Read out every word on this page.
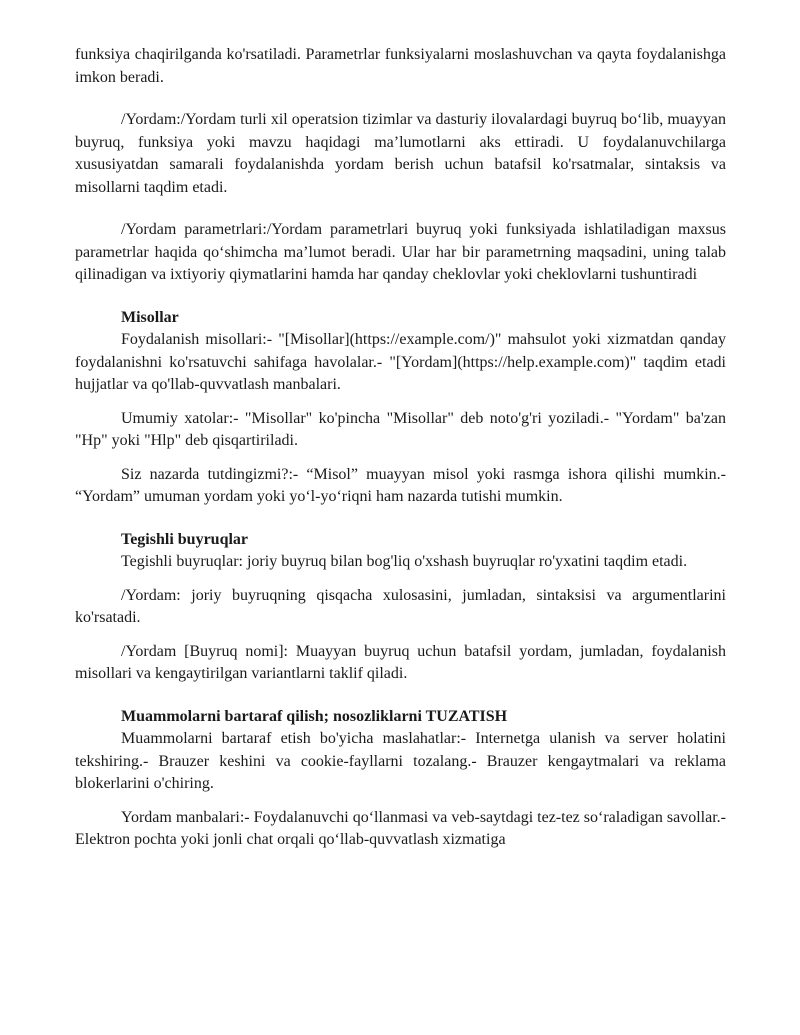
funksiya chaqirilganda ko'rsatiladi. Parametrlar funksiyalarni moslashuvchan va qayta foydalanishga imkon beradi.

/Yordam:/Yordam turli xil operatsion tizimlar va dasturiy ilovalardagi buyruq bo‘lib, muayyan buyruq, funksiya yoki mavzu haqidagi ma’lumotlarni aks ettiradi. U foydalanuvchilarga xususiyatdan samarali foydalanishda yordam berish uchun batafsil ko'rsatmalar, sintaksis va misollarni taqdim etadi.

/Yordam parametrlari:/Yordam parametrlari buyruq yoki funksiyada ishlatiladigan maxsus parametrlar haqida qo‘shimcha ma’lumot beradi. Ular har bir parametrning maqsadini, uning talab qilinadigan va ixtiyoriy qiymatlarini hamda har qanday cheklovlar yoki cheklovlarni tushuntiradi

Misollar

Foydalanish misollari:- "[Misollar](https://example.com/)" mahsulot yoki xizmatdan qanday foydalanishni ko'rsatuvchi sahifaga havolalar.- "[Yordam](https://help.example.com)" taqdim etadi hujjatlar va qo'llab-quvvatlash manbalari.

Umumiy xatolar:- "Misollar" ko'pincha "Misollar" deb noto'g'ri yoziladi.- "Yordam" ba'zan "Hp" yoki "Hlp" deb qisqartiriladi.

Siz nazarda tutdingizmi?:- “Misol” muayyan misol yoki rasmga ishora qilishi mumkin.- “Yordam” umuman yordam yoki yo‘l-yo‘riqni ham nazarda tutishi mumkin.

Tegishli buyruqlar

Tegishli buyruqlar: joriy buyruq bilan bog'liq o'xshash buyruqlar ro'yxatini taqdim etadi.

/Yordam: joriy buyruqning qisqacha xulosasini, jumladan, sintaksisi va argumentlarini ko'rsatadi.

/Yordam [Buyruq nomi]: Muayyan buyruq uchun batafsil yordam, jumladan, foydalanish misollari va kengaytirilgan variantlarni taklif qiladi.

Muammolarni bartaraf qilish; nosozliklarni TUZATISH

Muammolarni bartaraf etish bo'yicha maslahatlar:- Internetga ulanish va server holatini tekshiring.- Brauzer keshini va cookie-fayllarni tozalang.- Brauzer kengaytmalari va reklama blokerlarini o'chiring.

Yordam manbalari:- Foydalanuvchi qo‘llanmasi va veb-saytdagi tez-tez so‘raladigan savollar.- Elektron pochta yoki jonli chat orqali qo‘llab-quvvatlash xizmatiga
